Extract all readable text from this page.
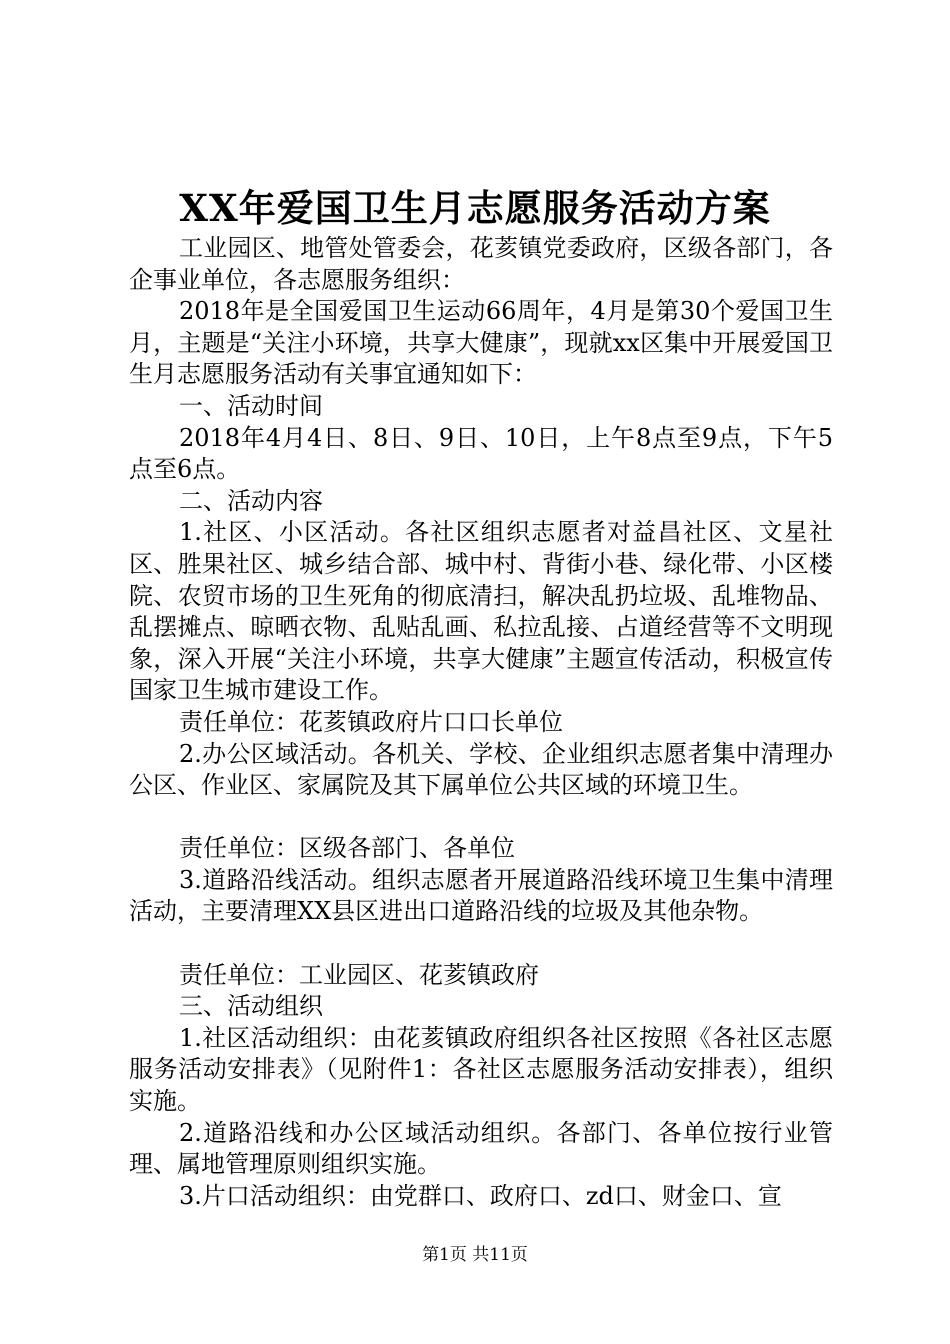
XX年爱国卫生月志愿服务活动方案

工业园区、地管处管委会，花荄镇党委政府，区级各部门，各企事业单位，各志愿服务组织：

2018年是全国爱国卫生运动66周年，4月是第30个爱国卫生月，主题是“关注小环境，共享大健康”，现就xx区集中开展爱国卫生月志愿服务活动有关事宜通知如下：

一、活动时间

2018年4月4日、8日、9日、10日，上午8点至9点，下午5点至6点。

二、活动内容

1.社区、小区活动。各社区组织志愿者对益昌社区、文星社区、胜果社区、城乡结合部、城中村、背街小巷、绿化带、小区楼院、农贸市场的卫生死角的彻底清扫，解决乱扔垃圾、乱堆物品、乱摆摊点、晾晒衣物、乱贴乱画、私拉乱接、占道经营等不文明现象，深入开展“关注小环境，共享大健康”主题宣传活动，积极宣传国家卫生城市建设工作。

责任单位：花荄镇政府片口口长单位

2.办公区域活动。各机关、学校、企业组织志愿者集中清理办公区、作业区、家属院及其下属单位公共区域的环境卫生。

责任单位：区级各部门、各单位

3.道路沿线活动。组织志愿者开展道路沿线环境卫生集中清理活动，主要清理XX县区进出口道路沿线的垃圾及其他杂物。

责任单位：工业园区、花荄镇政府

三、活动组织

1.社区活动组织：由花荄镇政府组织各社区按照《各社区志愿服务活动安排表》（见附件1：各社区志愿服务活动安排表），组织实施。

2.道路沿线和办公区域活动组织。各部门、各单位按行业管理、属地管理原则组织实施。

3.片口活动组织：由党群口、政府口、zd口、财金口、宣

第1页 共11页
